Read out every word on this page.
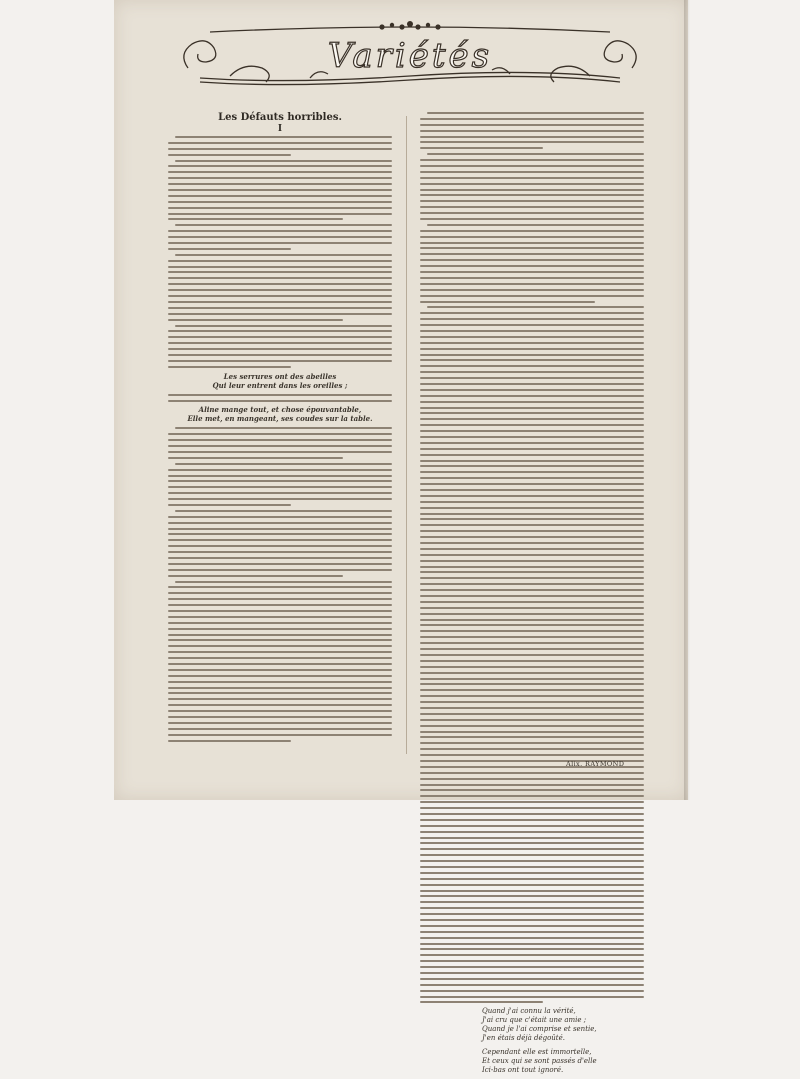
Variétés
Les Défauts horribles.
I
Les serrures ont des abeilles
Qui leur entrent dans les oreilles ;
Aline mange tout, et chose épouvantable,
Elle met, en mangeant, ses coudes sur la table.
Quand j'ai connu la vérité,
J'ai cru que c'était une amie ;
Quand je l'ai comprise et sentie,
J'en étais déjà dégoûté.
Cependant elle est immortelle,
Et ceux qui se sont passés d'elle
Ici-bas ont tout ignoré.
Alix. RAYMOND
